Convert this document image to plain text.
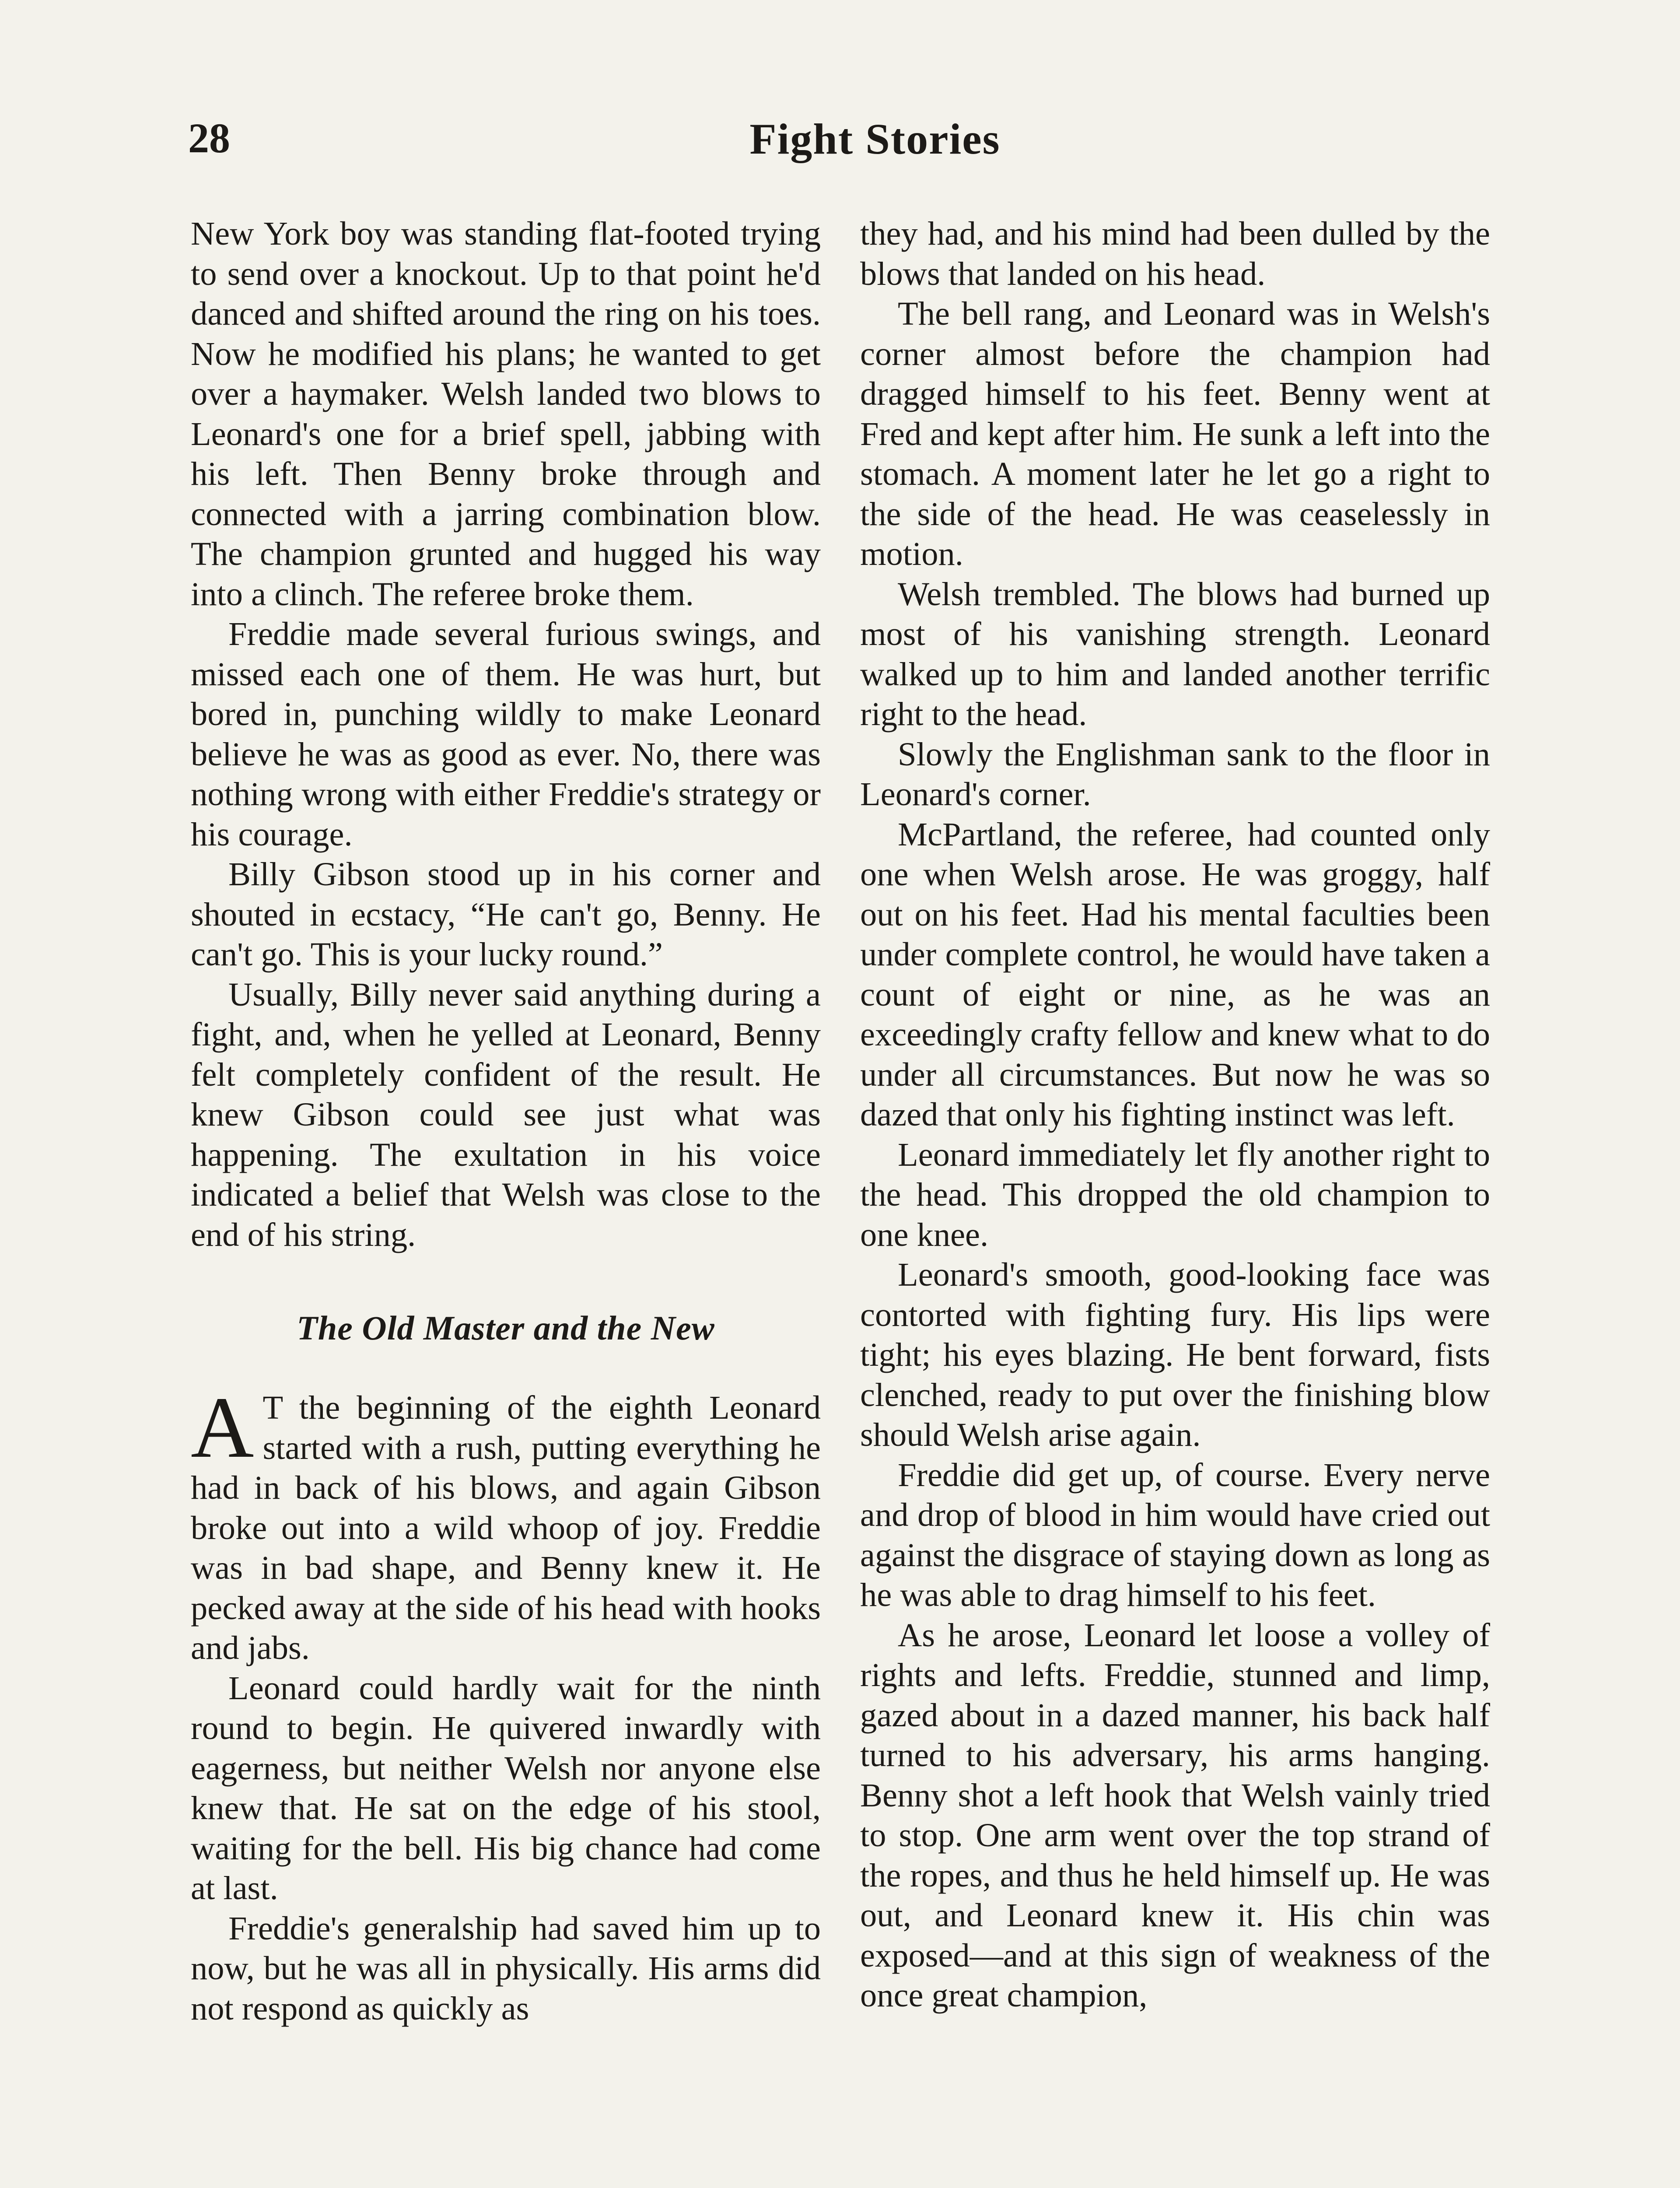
28	Fight Stories

New York boy was standing flat-footed trying to send over a knockout. Up to that point he'd danced and shifted around the ring on his toes. Now he modified his plans; he wanted to get over a haymaker. Welsh landed two blows to Leonard's one for a brief spell, jabbing with his left. Then Benny broke through and connected with a jarring combination blow. The champion grunted and hugged his way into a clinch. The referee broke them.

Freddie made several furious swings, and missed each one of them. He was hurt, but bored in, punching wildly to make Leonard believe he was as good as ever. No, there was nothing wrong with either Freddie's strategy or his courage.

Billy Gibson stood up in his corner and shouted in ecstacy, “He can't go, Benny. He can't go. This is your lucky round.”

Usually, Billy never said anything during a fight, and, when he yelled at Leonard, Benny felt completely confident of the result. He knew Gibson could see just what was happening. The exultation in his voice indicated a belief that Welsh was close to the end of his string.

The Old Master and the New

A T the beginning of the eighth Leonard started with a rush, putting everything he had in back of his blows, and again Gibson broke out into a wild whoop of joy. Freddie was in bad shape, and Benny knew it. He pecked away at the side of his head with hooks and jabs.

Leonard could hardly wait for the ninth round to begin. He quivered inwardly with eagerness, but neither Welsh nor anyone else knew that. He sat on the edge of his stool, waiting for the bell. His big chance had come at last.

Freddie's generalship had saved him up to now, but he was all in physically. His arms did not respond as quickly as

they had, and his mind had been dulled by the blows that landed on his head.

The bell rang, and Leonard was in Welsh's corner almost before the champion had dragged himself to his feet. Benny went at Fred and kept after him. He sunk a left into the stomach. A moment later he let go a right to the side of the head. He was ceaselessly in motion.

Welsh trembled. The blows had burned up most of his vanishing strength. Leonard walked up to him and landed another terrific right to the head.

Slowly the Englishman sank to the floor in Leonard's corner.

McPartland, the referee, had counted only one when Welsh arose. He was groggy, half out on his feet. Had his mental faculties been under complete control, he would have taken a count of eight or nine, as he was an exceedingly crafty fellow and knew what to do under all circumstances. But now he was so dazed that only his fighting instinct was left.

Leonard immediately let fly another right to the head. This dropped the old champion to one knee.

Leonard's smooth, good-looking face was contorted with fighting fury. His lips were tight; his eyes blazing. He bent forward, fists clenched, ready to put over the finishing blow should Welsh arise again.

Freddie did get up, of course. Every nerve and drop of blood in him would have cried out against the disgrace of staying down as long as he was able to drag himself to his feet.

As he arose, Leonard let loose a volley of rights and lefts. Freddie, stunned and limp, gazed about in a dazed manner, his back half turned to his adversary, his arms hanging. Benny shot a left hook that Welsh vainly tried to stop. One arm went over the top strand of the ropes, and thus he held himself up. He was out, and Leonard knew it. His chin was exposed—and at this sign of weakness of the once great champion,
